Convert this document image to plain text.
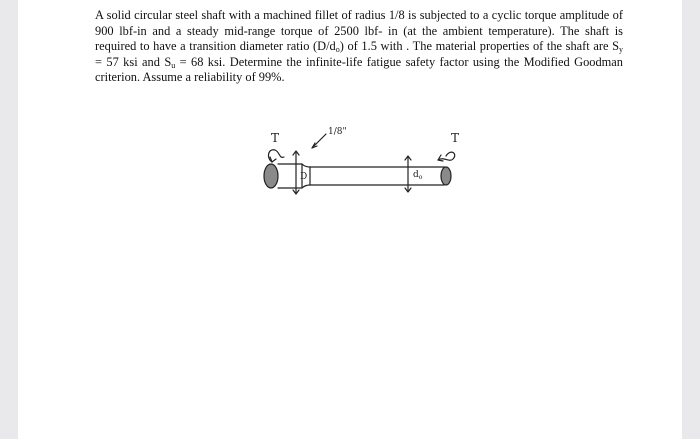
A solid circular steel shaft with a machined fillet of radius 1/8 is subjected to a cyclic torque amplitude of 900 lbf-in and a steady mid-range torque of 2500 lbf- in (at the ambient temperature). The shaft is required to have a transition diameter ratio $(D/d_o)$ of 1.5 with . The material properties of the shaft are $S_y = 57$ ksi and $S_u = 68$ ksi. Determine the infinite-life fatigue safety factor using the Modified Goodman criterion. Assume a reliability of 99%.

T	1/8"
D	$d_o$
T
